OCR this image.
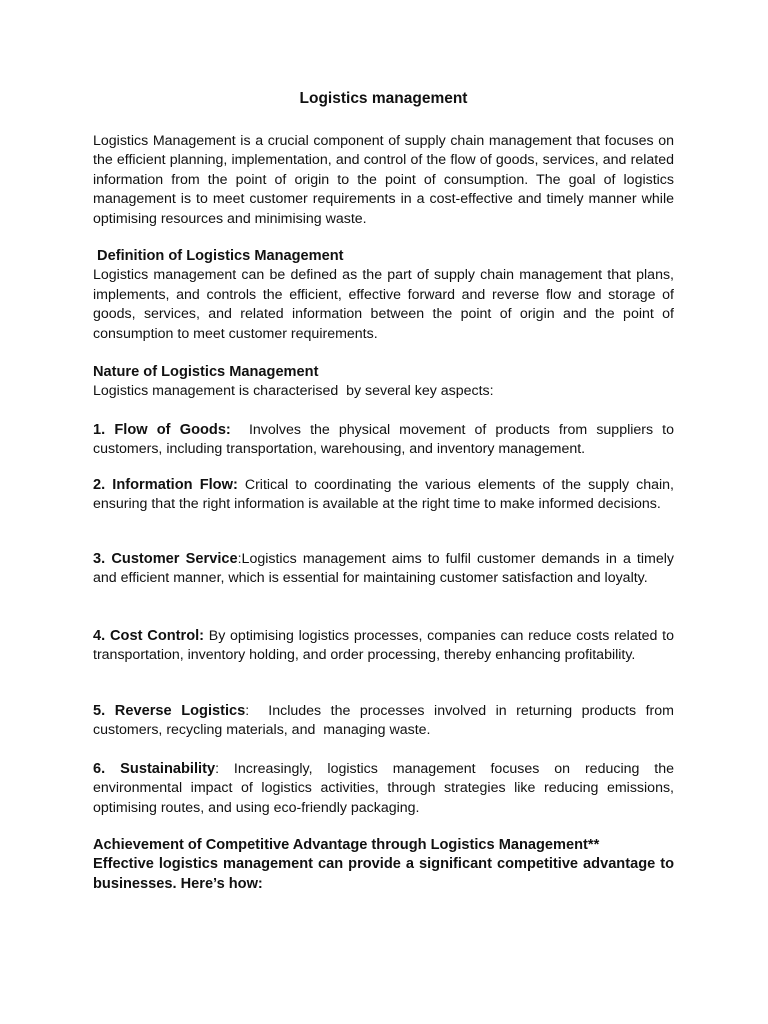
Logistics management

Logistics Management is a crucial component of supply chain management that focuses on the efficient planning, implementation, and control of the flow of goods, services, and related information from the point of origin to the point of consumption. The goal of logistics management is to meet customer requirements in a cost-effective and timely manner while optimising resources and minimising waste.

Definition of Logistics Management
Logistics management can be defined as the part of supply chain management that plans, implements, and controls the efficient, effective forward and reverse flow and storage of goods, services, and related information between the point of origin and the point of consumption to meet customer requirements.
Nature of Logistics Management
Logistics management is characterised  by several key aspects:

1. Flow of Goods:  Involves the physical movement of products from suppliers to customers, including transportation, warehousing, and inventory management.

2. Information Flow: Critical to coordinating the various elements of the supply chain, ensuring that the right information is available at the right time to make informed decisions.

3. Customer Service:Logistics management aims to fulfil customer demands in a timely and efficient manner, which is essential for maintaining customer satisfaction and loyalty.

4. Cost Control: By optimising logistics processes, companies can reduce costs related to transportation, inventory holding, and order processing, thereby enhancing profitability.

5. Reverse Logistics:  Includes the processes involved in returning products from customers, recycling materials, and  managing waste.

6. Sustainability: Increasingly, logistics management focuses on reducing the environmental impact of logistics activities, through strategies like reducing emissions, optimising routes, and using eco-friendly packaging.

Achievement of Competitive Advantage through Logistics Management**
Effective logistics management can provide a significant competitive advantage to businesses. Here’s how:
